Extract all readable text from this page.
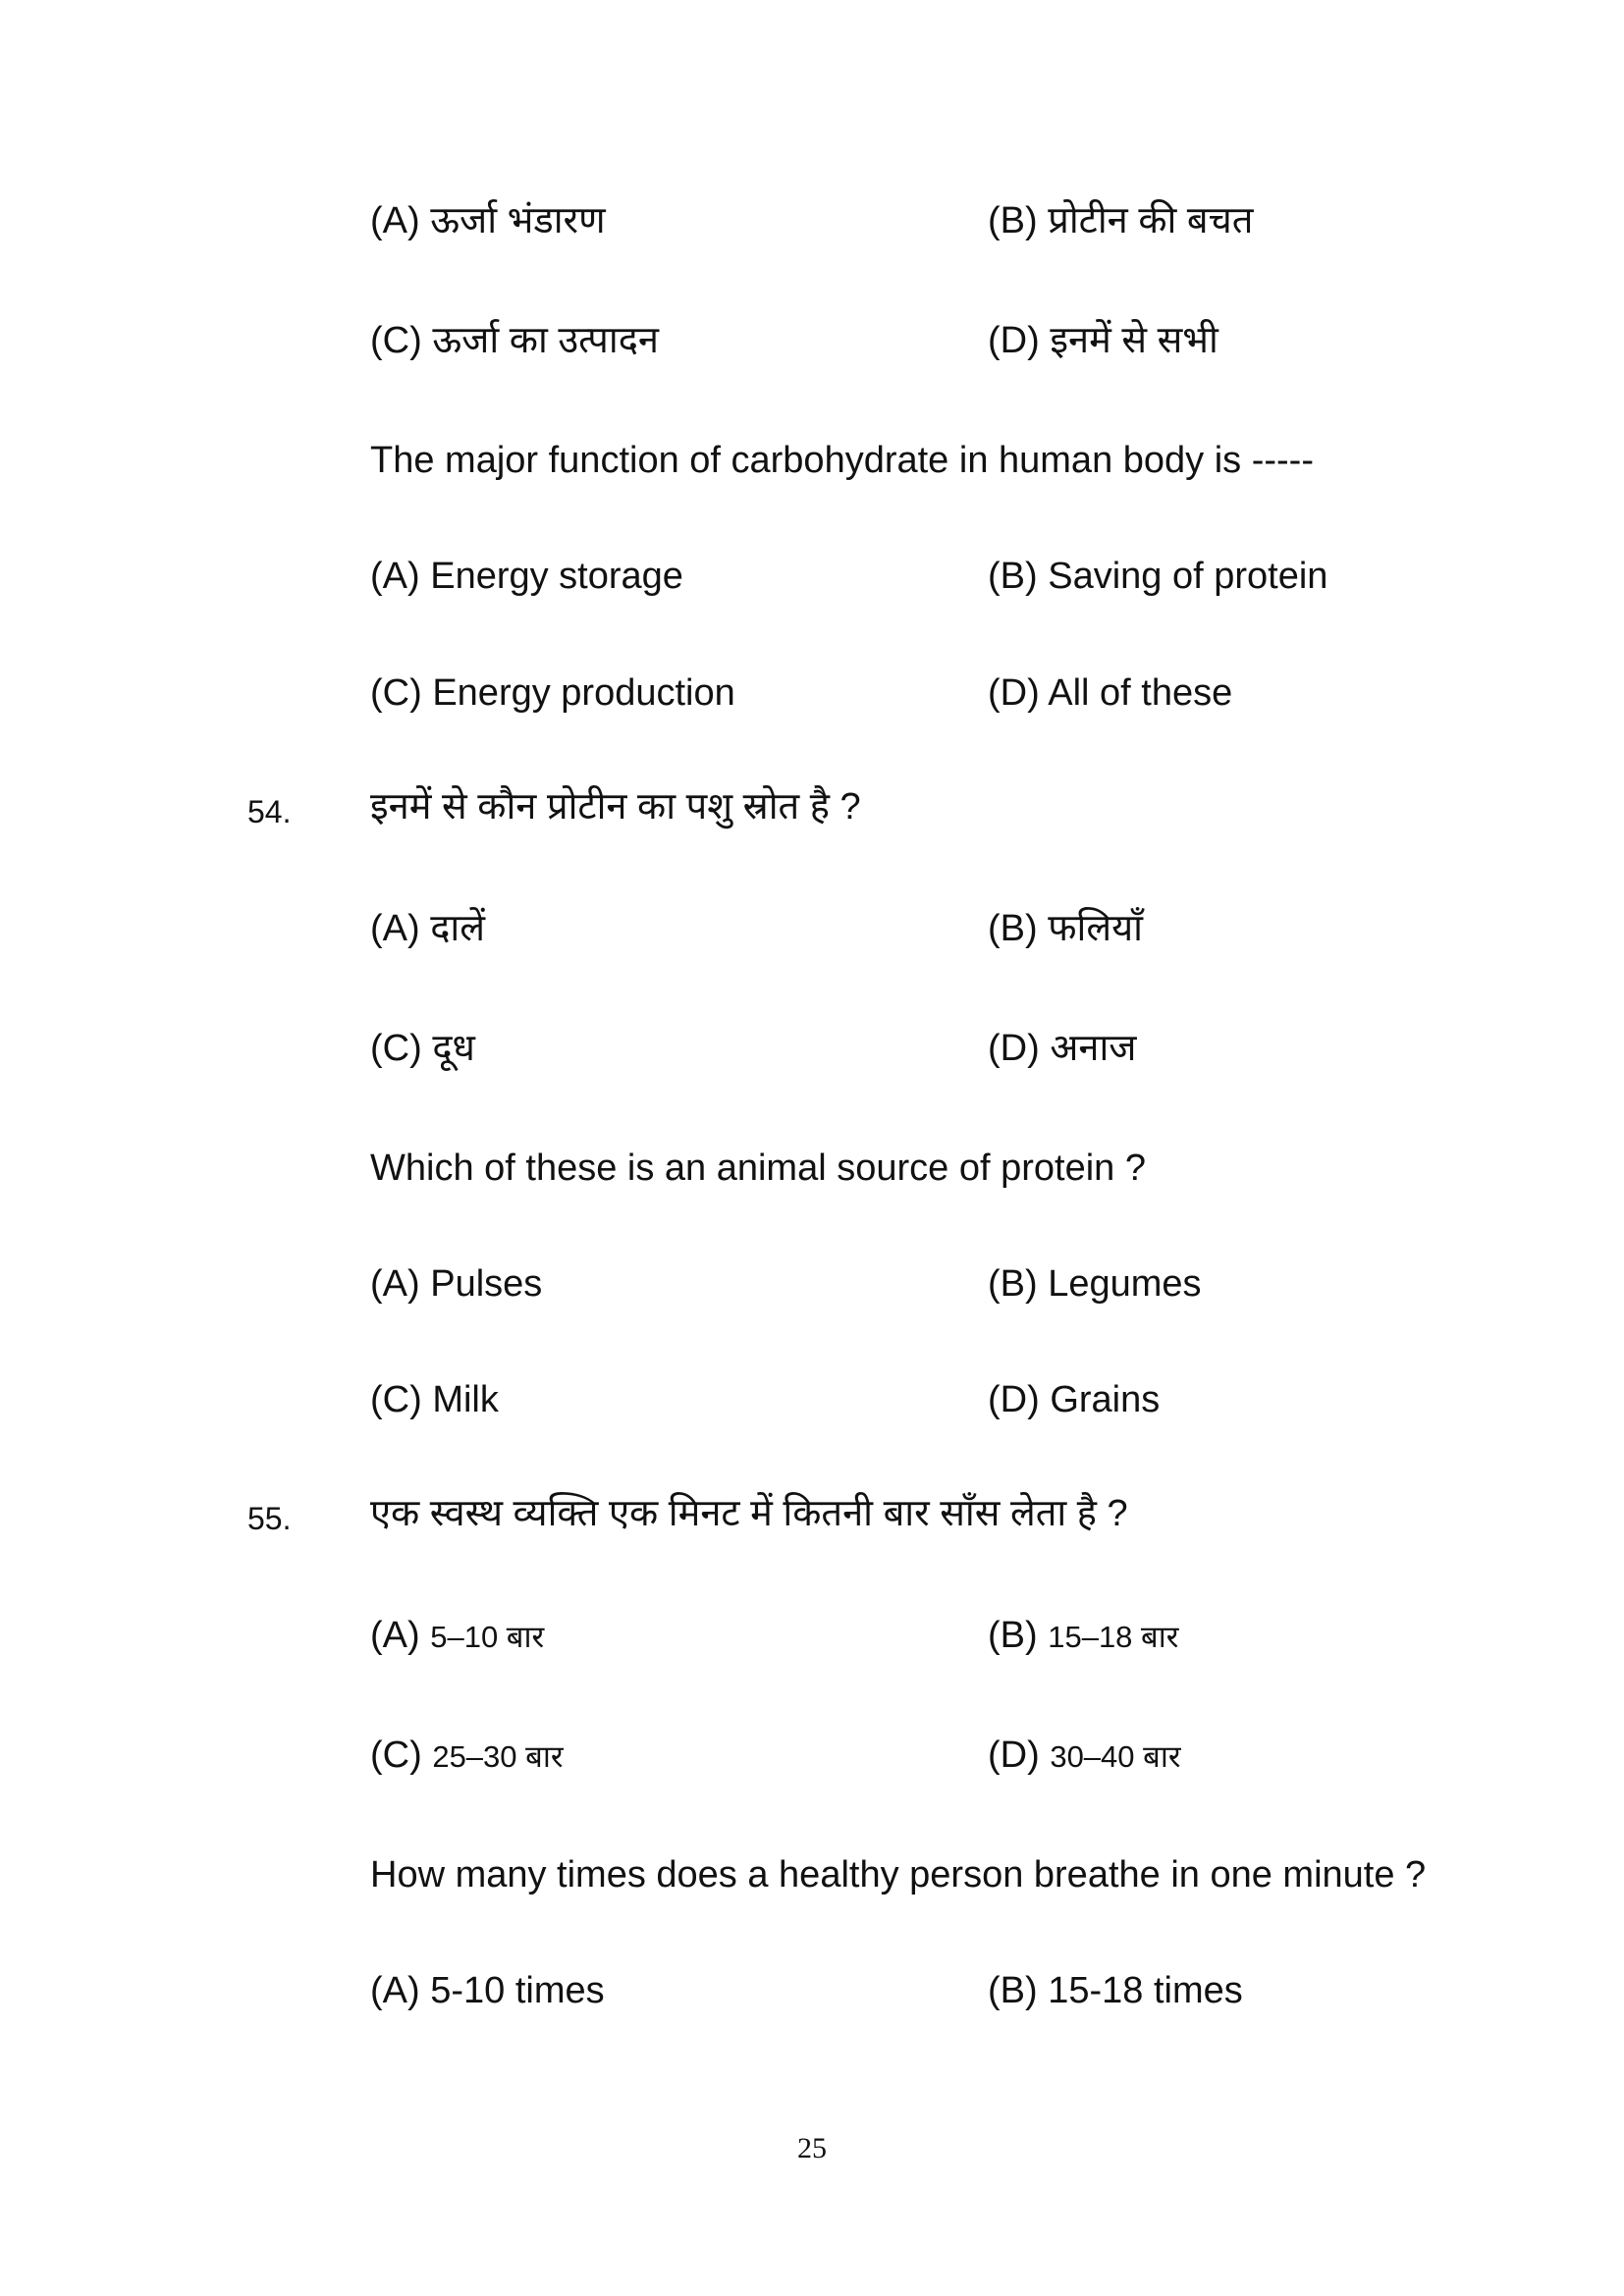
(A) ऊर्जा भंडारण	(B) प्रोटीन की बचत
(C) ऊर्जा का उत्पादन	(D) इनमें से सभी
The major function of carbohydrate in human body is -----
(A) Energy storage	(B) Saving of protein
(C) Energy production	(D) All of these
54. इनमें से कौन प्रोटीन का पशु स्रोत है ?
(A) दालें	(B) फलियाँ
(C) दूध	(D) अनाज
Which of these is an animal source of protein ?
(A) Pulses	(B) Legumes
(C) Milk	(D) Grains
55. एक स्वस्थ व्यक्ति एक मिनट में कितनी बार साँस लेता है ?
(A) 5–10 बार	(B) 15–18 बार
(C) 25–30 बार	(D) 30–40 बार
How many times does a healthy person breathe in one minute ?
(A) 5-10 times	(B) 15-18 times
25
